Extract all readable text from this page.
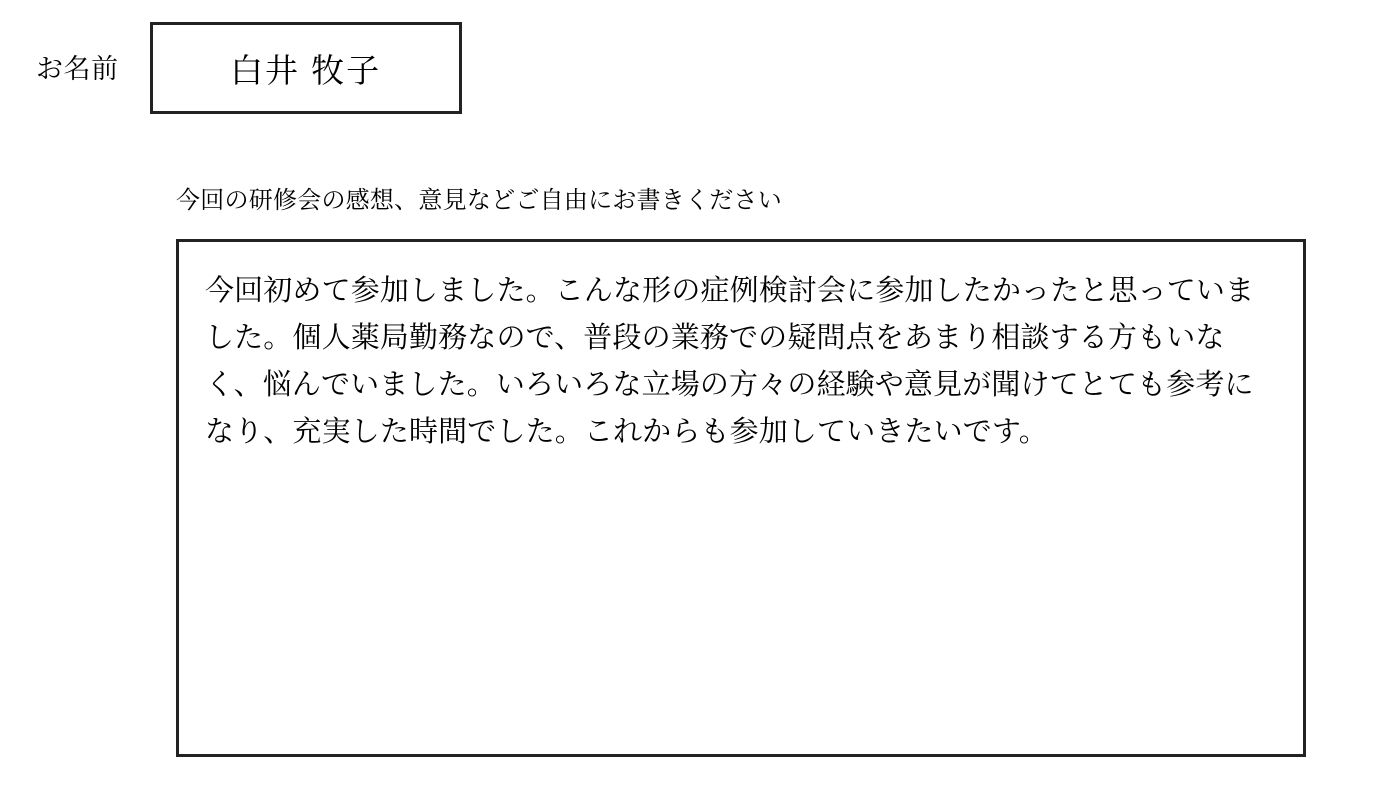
お名前	白井 牧子
今回の研修会の感想、意見などご自由にお書きください
今回初めて参加しました。こんな形の症例検討会に参加したかったと思っていました。個人薬局勤務なので、普段の業務での疑問点をあまり相談する方もいなく、悩んでいました。いろいろな立場の方々の経験や意見が聞けてとても参考になり、充実した時間でした。これからも参加していきたいです。
